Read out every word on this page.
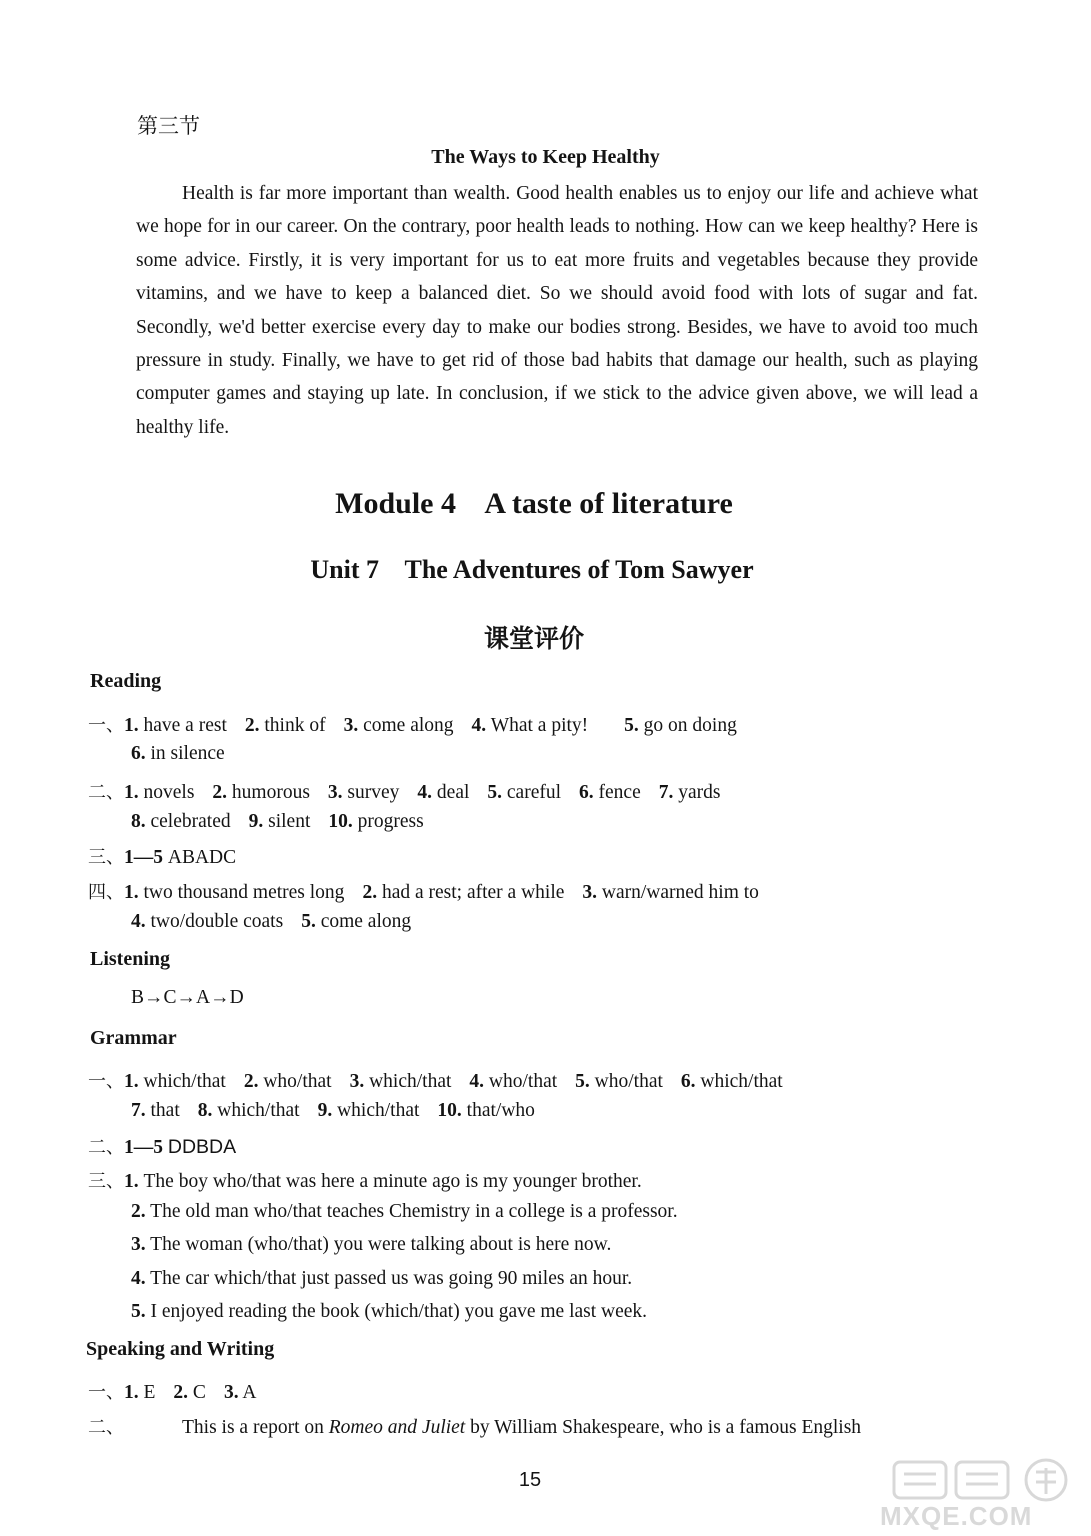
第三节
The Ways to Keep Healthy

Health is far more important than wealth. Good health enables us to enjoy our life and achieve what we hope for in our career. On the contrary, poor health leads to nothing. How can we keep healthy? Here is some advice. Firstly, it is very important for us to eat more fruits and vegetables because they provide vitamins, and we have to keep a balanced diet. So we should avoid food with lots of sugar and fat. Secondly, we'd better exercise every day to make our bodies strong. Besides, we have to avoid too much pressure in study. Finally, we have to get rid of those bad habits that damage our health, such as playing computer games and staying up late. In conclusion, if we stick to the advice given above, we will lead a healthy life.

Module 4    A taste of literature
Unit 7    The Adventures of Tom Sawyer
课堂评价
Reading
一、1. have a rest 2. think of 3. come along 4. What a pity! 5. go on doing
6. in silence
二、1. novels 2. humorous 3. survey 4. deal 5. careful 6. fence 7. yards
8. celebrated 9. silent 10. progress
三、1—5 ABADC
四、1. two thousand metres long 2. had a rest; after a while 3. warn/warned him to
4. two/double coats 5. come along
Listening
B→C→A→D
Grammar
一、1. which/that 2. who/that 3. which/that 4. who/that 5. who/that 6. which/that
7. that 8. which/that 9. which/that 10. that/who
二、1—5 DDBDA
三、1. The boy who/that was here a minute ago is my younger brother.
2. The old man who/that teaches Chemistry in a college is a professor.
3. The woman (who/that) you were talking about is here now.
4. The car which/that just passed us was going 90 miles an hour.
5. I enjoyed reading the book (which/that) you gave me last week.
Speaking and Writing
一、1. E 2. C 3. A
二、	This is a report on Romeo and Juliet by William Shakespeare, who is a famous English
15
MXQE.COM
